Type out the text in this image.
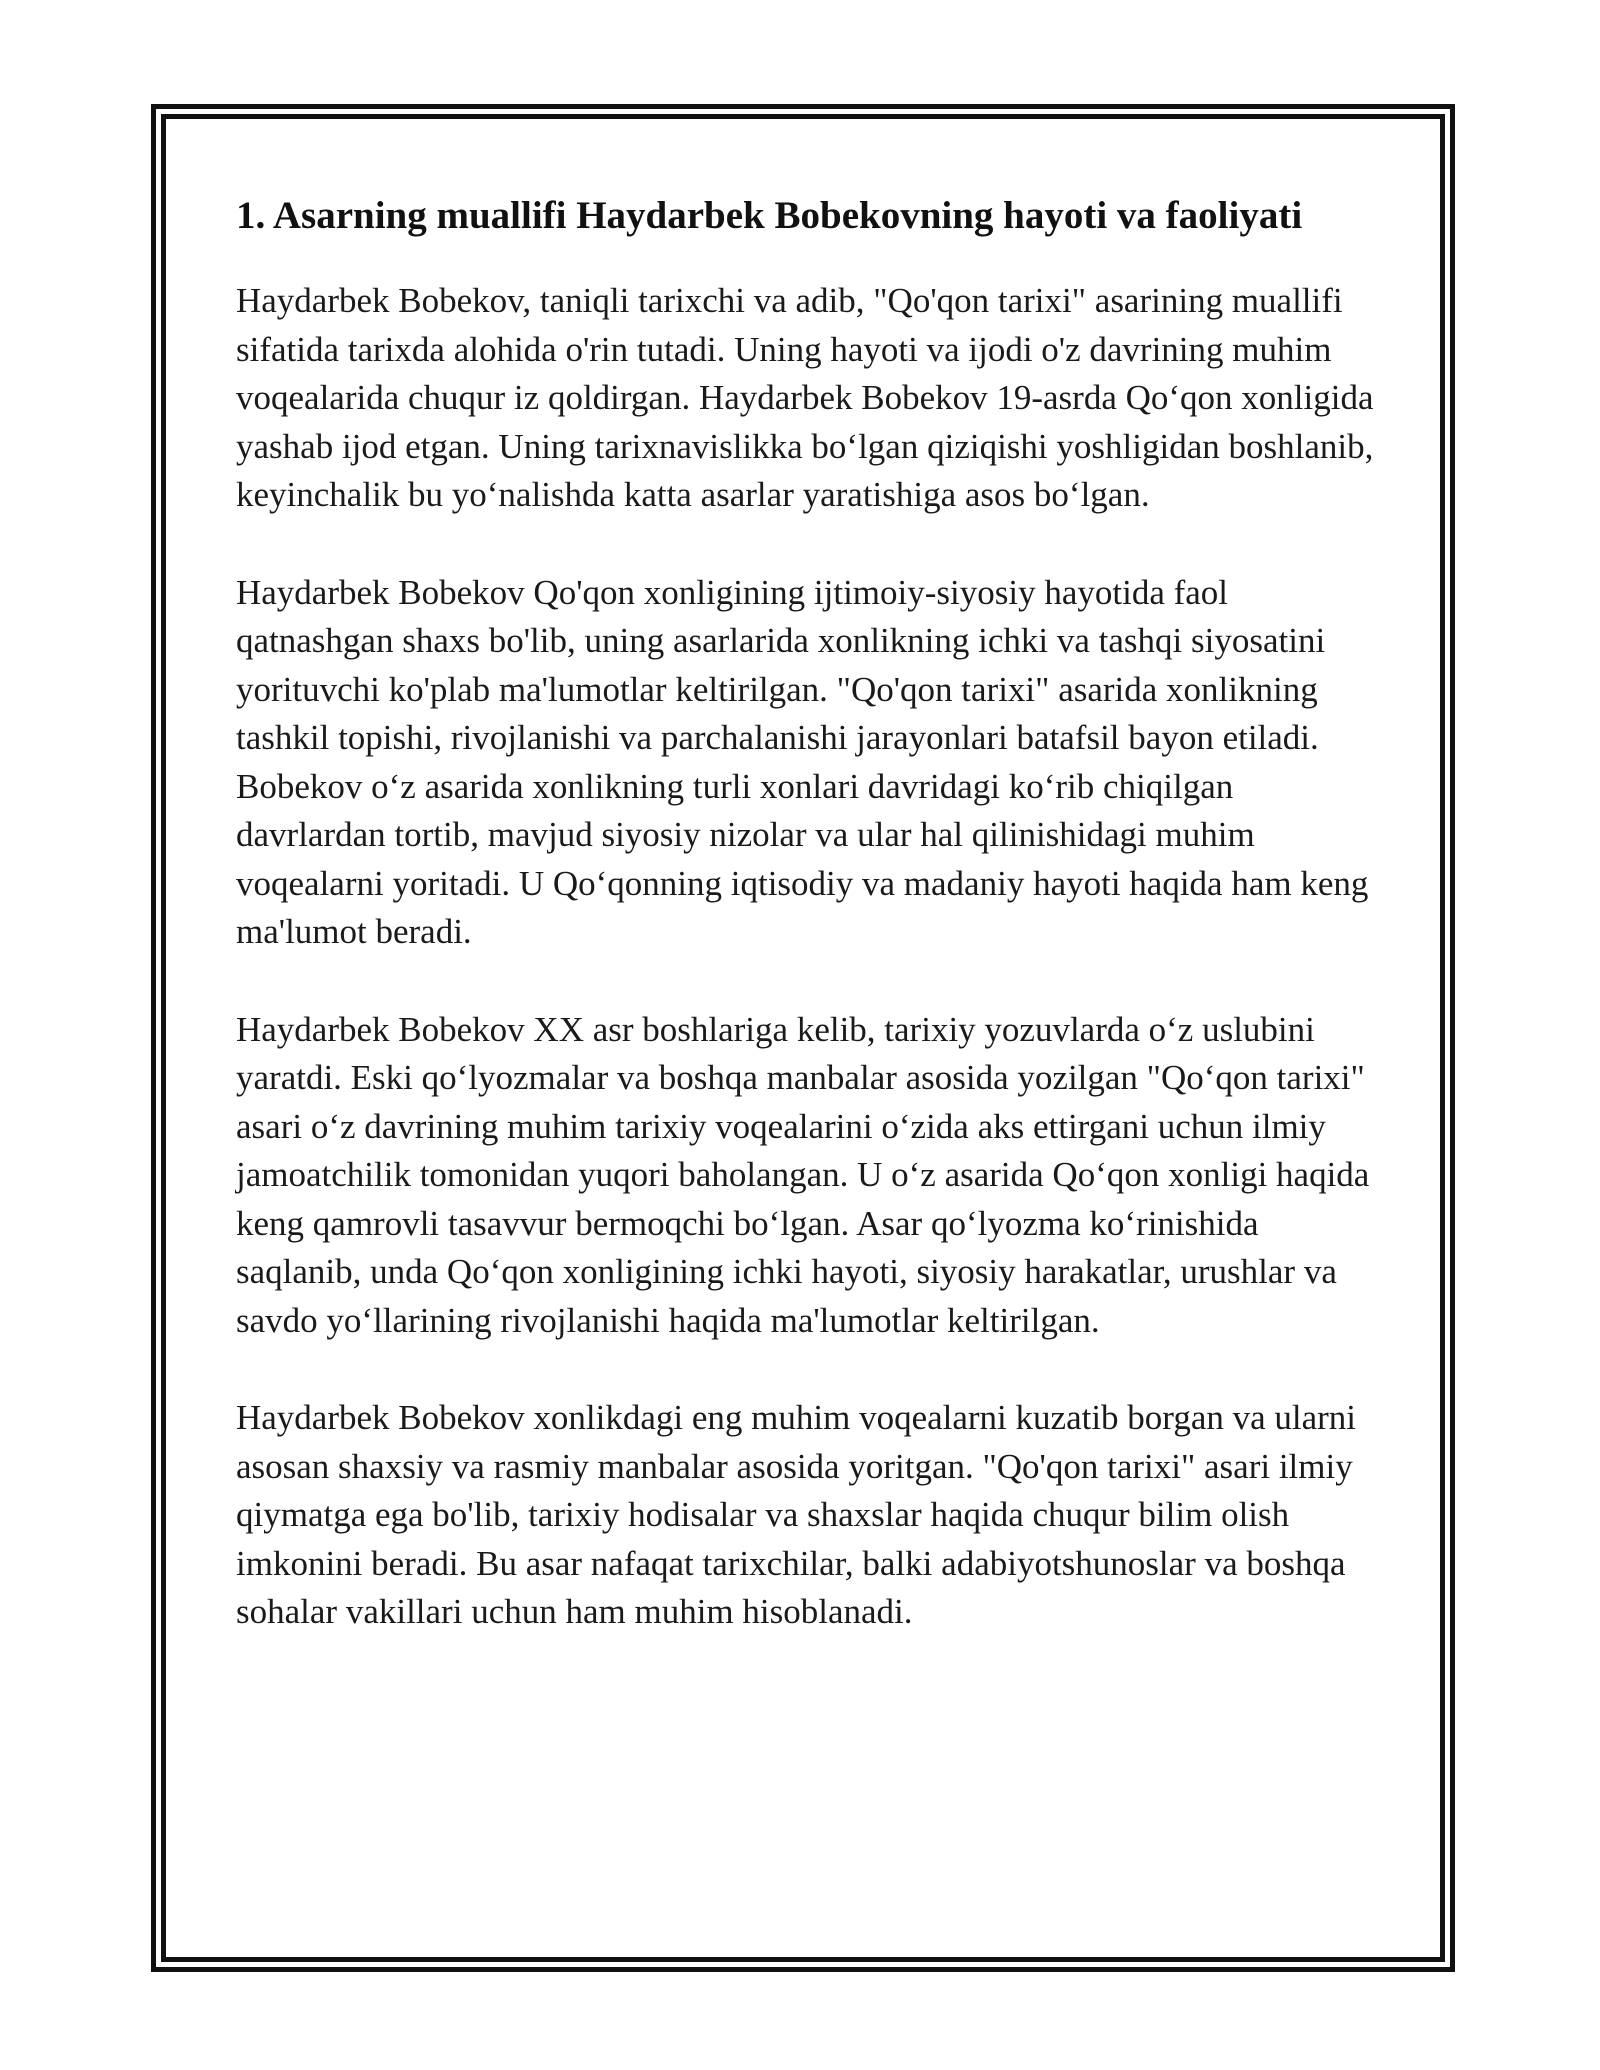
1. Asarning muallifi Haydarbek Bobekovning hayoti va faoliyati

Haydarbek Bobekov, taniqli tarixchi va adib, "Qo'qon tarixi" asarining muallifi sifatida tarixda alohida o'rin tutadi. Uning hayoti va ijodi o'z davrining muhim voqealarida chuqur iz qoldirgan. Haydarbek Bobekov 19-asrda Qo‘qon xonligida yashab ijod etgan. Uning tarixnavislikka bo‘lgan qiziqishi yoshligidan boshlanib, keyinchalik bu yo‘nalishda katta asarlar yaratishiga asos bo‘lgan.

Haydarbek Bobekov Qo'qon xonligining ijtimoiy-siyosiy hayotida faol qatnashgan shaxs bo'lib, uning asarlarida xonlikning ichki va tashqi siyosatini yorituvchi ko'plab ma'lumotlar keltirilgan. "Qo'qon tarixi" asarida xonlikning tashkil topishi, rivojlanishi va parchalanishi jarayonlari batafsil bayon etiladi. Bobekov o‘z asarida xonlikning turli xonlari davridagi ko‘rib chiqilgan davrlardan tortib, mavjud siyosiy nizolar va ular hal qilinishidagi muhim voqealarni yoritadi. U Qo‘qonning iqtisodiy va madaniy hayoti haqida ham keng ma'lumot beradi.

Haydarbek Bobekov XX asr boshlariga kelib, tarixiy yozuvlarda o‘z uslubini yaratdi. Eski qo‘lyozmalar va boshqa manbalar asosida yozilgan "Qo‘qon tarixi" asari o‘z davrining muhim tarixiy voqealarini o‘zida aks ettirgani uchun ilmiy jamoatchilik tomonidan yuqori baholangan. U o‘z asarida Qo‘qon xonligi haqida keng qamrovli tasavvur bermoqchi bo‘lgan. Asar qo‘lyozma ko‘rinishida saqlanib, unda Qo‘qon xonligining ichki hayoti, siyosiy harakatlar, urushlar va savdo yo‘llarining rivojlanishi haqida ma'lumotlar keltirilgan.

Haydarbek Bobekov xonlikdagi eng muhim voqealarni kuzatib borgan va ularni asosan shaxsiy va rasmiy manbalar asosida yoritgan. "Qo'qon tarixi" asari ilmiy qiymatga ega bo'lib, tarixiy hodisalar va shaxslar haqida chuqur bilim olish imkonini beradi. Bu asar nafaqat tarixchilar, balki adabiyotshunoslar va boshqa sohalar vakillari uchun ham muhim hisoblanadi.
